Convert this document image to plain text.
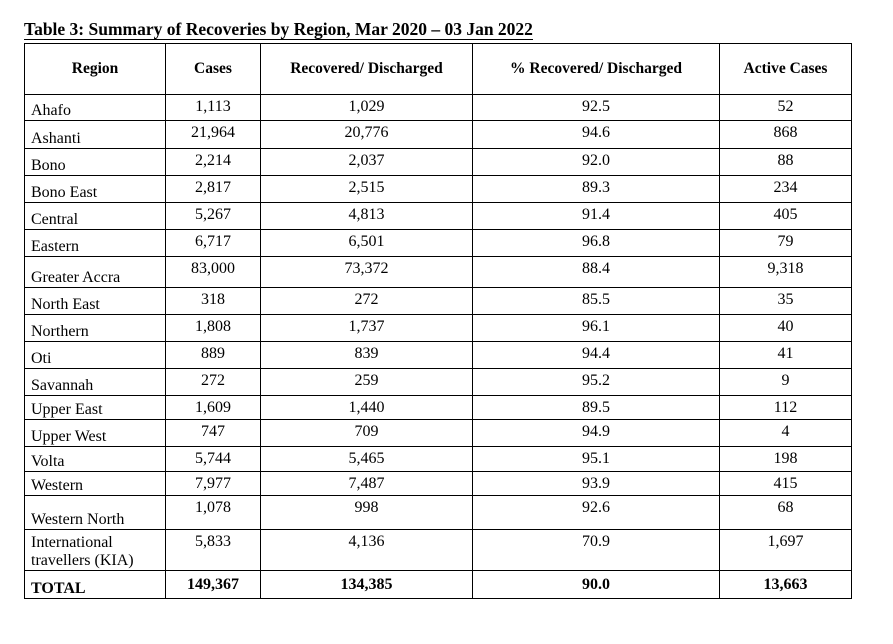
Table 3: Summary of Recoveries by Region, Mar 2020 – 03 Jan 2022
Region	Cases	Recovered/ Discharged	% Recovered/ Discharged	Active Cases
Ahafo	1,113	1,029	92.5	52
Ashanti	21,964	20,776	94.6	868
Bono	2,214	2,037	92.0	88
Bono East	2,817	2,515	89.3	234
Central	5,267	4,813	91.4	405
Eastern	6,717	6,501	96.8	79
Greater Accra	83,000	73,372	88.4	9,318
North East	318	272	85.5	35
Northern	1,808	1,737	96.1	40
Oti	889	839	94.4	41
Savannah	272	259	95.2	9
Upper East	1,609	1,440	89.5	112
Upper West	747	709	94.9	4
Volta	5,744	5,465	95.1	198
Western	7,977	7,487	93.9	415
Western North	1,078	998	92.6	68
International travellers (KIA)	5,833	4,136	70.9	1,697
TOTAL	149,367	134,385	90.0	13,663
